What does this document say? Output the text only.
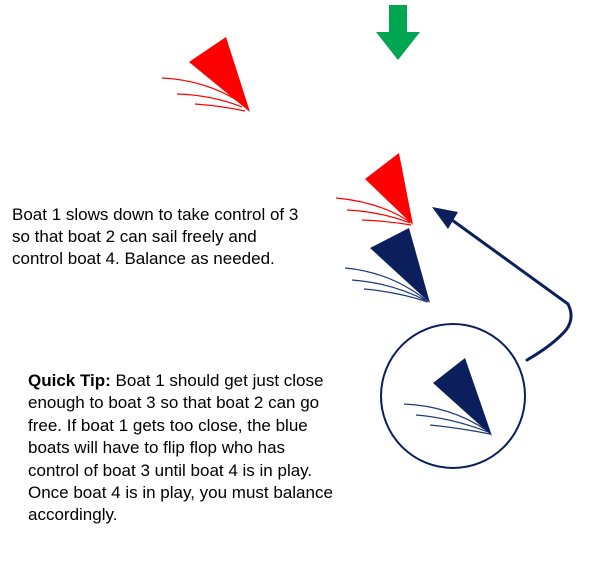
Boat 1 slows down to take control of 3 so that boat 2 can sail freely and control boat 4. Balance as needed.

Quick Tip: Boat 1 should get just close enough to boat 3 so that boat 2 can go free. If boat 1 gets too close, the blue boats will have to flip flop who has control of boat 3 until boat 4 is in play. Once boat 4 is in play, you must balance accordingly.
